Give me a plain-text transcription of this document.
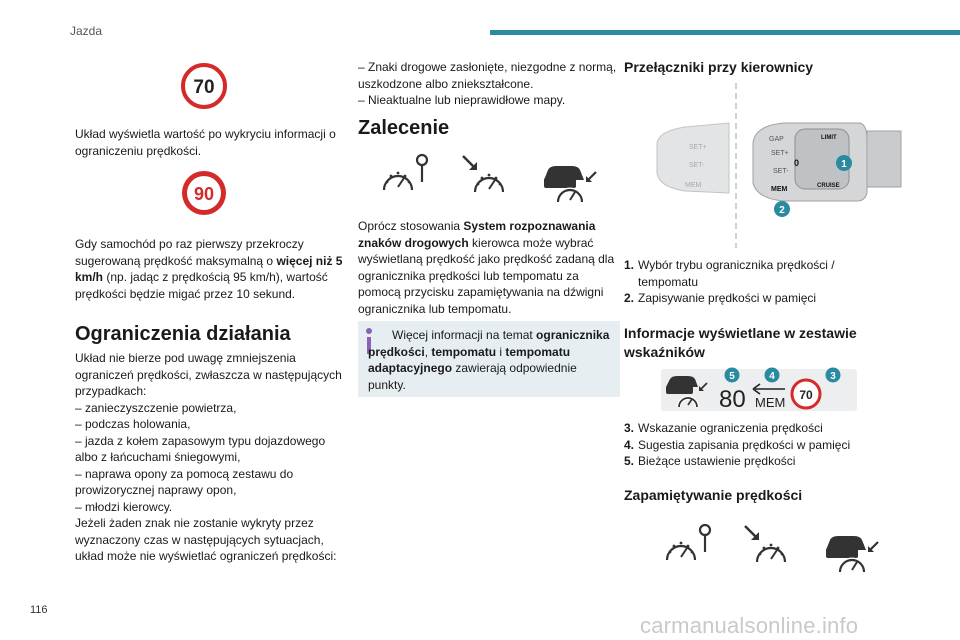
Jazda
116
carmanualsonline.info
70

Układ wyświetla wartość po wykryciu informacji o ograniczeniu prędkości.

90

Gdy samochód po raz pierwszy przekroczy sugerowaną prędkość maksymalną o więcej niż 5 km/h (np. jadąc z prędkością 95 km/h), wartość prędkości będzie migać przez 10 sekund.

Ograniczenia działania

Układ nie bierze pod uwagę zmniejszenia ograniczeń prędkości, zwłaszcza w następujących przypadkach:

– zanieczyszczenie powietrza,

– podczas holowania,

– jazda z kołem zapasowym typu dojazdowego albo z łańcuchami śniegowymi,

– naprawa opony za pomocą zestawu do prowizorycznej naprawy opon,

– młodzi kierowcy.

Jeżeli żaden znak nie zostanie wykryty przez wyznaczony czas w następujących sytuacjach, układ może nie wyświetlać ograniczeń prędkości:

– Znaki drogowe zasłonięte, niezgodne z normą, uszkodzone albo zniekształcone.

– Nieaktualne lub nieprawidłowe mapy.

Zalecenie

Oprócz stosowania System rozpoznawania znaków drogowych kierowca może wybrać wyświetlaną prędkość jako prędkość zadaną dla ogranicznika prędkości lub tempomatu za pomocą przycisku zapamiętywania na dźwigni ogranicznika lub tempomatu.

Więcej informacji na temat ogranicznika prędkości, tempomatu i tempomatu adaptacyjnego zawierają odpowiednie punkty.

Przełączniki przy kierownicy
SET+
SET-
MEM
LIMIT
0
CRUISE
GAP
SET+
SET-
MEM
1
2
1. Wybór trybu ogranicznika prędkości / tempomatu
2. Zapisywanie prędkości w pamięci
Informacje wyświetlane w zestawie wskaźników
80 MEM 70
5	4	3
3. Wskazanie ograniczenia prędkości
4. Sugestia zapisania prędkości w pamięci
5. Bieżące ustawienie prędkości
Zapamiętywanie prędkości
